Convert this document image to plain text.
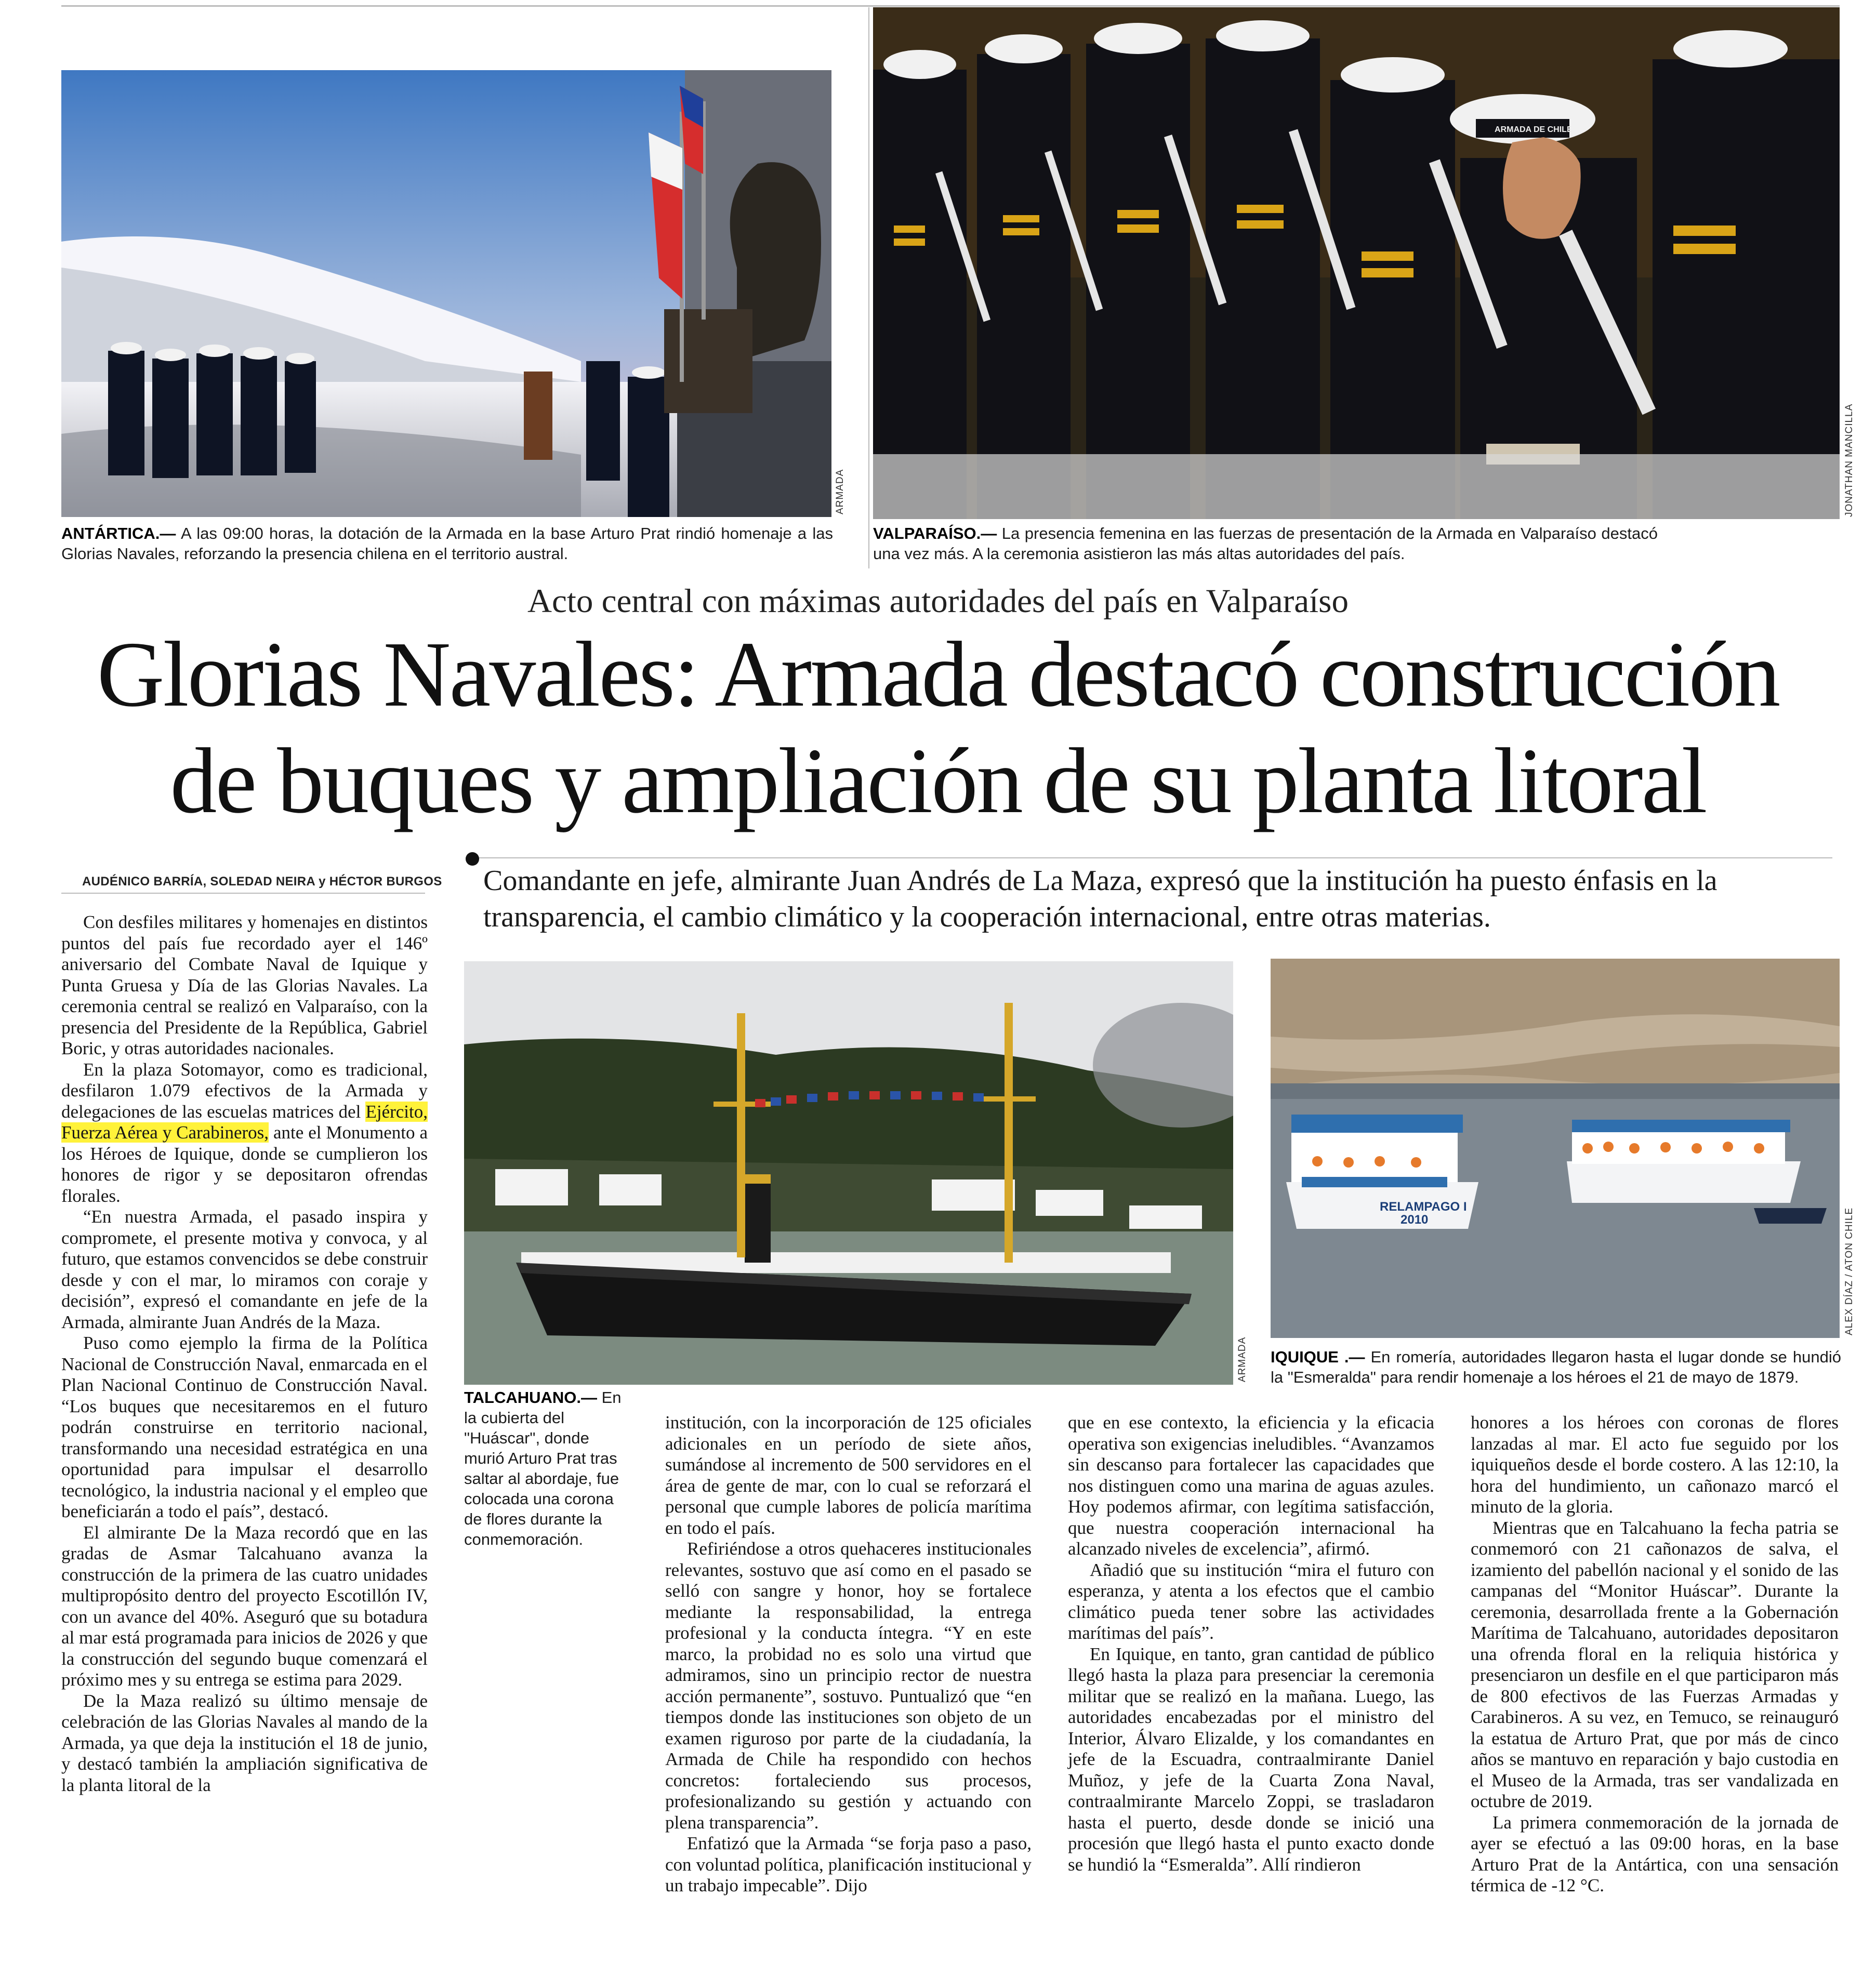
ARMADA

ANTÁRTICA.— A las 09:00 horas, la dotación de la Armada en la base Arturo Prat rindió homenaje a las Glorias Navales, reforzando la presencia chilena en el territorio austral.

ARMADA DE CHILE
JONATHAN MANCILLA

VALPARAÍSO.— La presencia femenina en las fuerzas de presentación de la Armada en Valparaíso destacó una vez más. A la ceremonia asistieron las más altas autoridades del país.

Acto central con máximas autoridades del país en Valparaíso

Glorias Navales: Armada destacó construcción
de buques y ampliación de su planta litoral
AUDÉNICO BARRÍA, SOLEDAD NEIRA y HÉCTOR BURGOS Comandante en jefe, almirante Juan Andrés de La Maza, expresó que la institución ha puesto énfasis en la transparencia, el cambio climático y la cooperación internacional, entre otras materias.

Con desfiles militares y homenajes en distintos puntos del país fue recordado ayer el 146º aniversario del Combate Naval de Iquique y Punta Gruesa y Día de las Glorias Navales. La ceremonia central se realizó en Valparaíso, con la presencia del Presidente de la República, Gabriel Boric, y otras autoridades nacionales.

En la plaza Sotomayor, como es tradicional, desfilaron 1.079 efectivos de la Armada y delegaciones de las escuelas matrices del Ejército, Fuerza Aérea y Carabineros, ante el Monumento a los Héroes de Iquique, donde se cumplieron los honores de rigor y se depositaron ofrendas florales.

“En nuestra Armada, el pasado inspira y compromete, el presente motiva y convoca, y al futuro, que estamos convencidos se debe construir desde y con el mar, lo miramos con coraje y decisión”, expresó el comandante en jefe de la Armada, almirante Juan Andrés de la Maza.

Puso como ejemplo la firma de la Política Nacional de Construcción Naval, enmarcada en el Plan Nacional Continuo de Construcción Naval. “Los buques que necesitaremos en el futuro podrán construirse en territorio nacional, transformando una necesidad estratégica en una oportunidad para impulsar el desarrollo tecnológico, la industria nacional y el empleo que beneficiarán a todo el país”, destacó.

El almirante De la Maza recordó que en las gradas de Asmar Talcahuano avanza la construcción de la primera de las cuatro unidades multipropósito dentro del proyecto Escotillón IV, con un avance del 40%. Aseguró que su botadura al mar está programada para inicios de 2026 y que la construcción del segundo buque comenzará el próximo mes y su entrega se estima para 2029.

De la Maza realizó su último mensaje de celebración de las Glorias Navales al mando de la Armada, ya que deja la institución el 18 de junio, y destacó también la ampliación significativa de la planta litoral de la

ARMADA

TALCAHUANO.— En la cubierta del "Huáscar", donde murió Arturo Prat tras saltar al abordaje, fue colocada una corona de flores durante la conmemoración.

RELAMPAGO I
2010	ALEX DÍAZ / ATON CHILE

IQUIQUE .— En romería, autoridades llegaron hasta el lugar donde se hundió la "Esmeralda" para rendir homenaje a los héroes el 21 de mayo de 1879.

institución, con la incorporación de 125 oficiales adicionales en un período de siete años, sumándose al incremento de 500 servidores en el área de gente de mar, con lo cual se reforzará el personal que cumple labores de policía marítima en todo el país.

Refiriéndose a otros quehaceres institucionales relevantes, sostuvo que así como en el pasado se selló con sangre y honor, hoy se fortalece mediante la responsabilidad, la entrega profesional y la conducta íntegra. “Y en este marco, la probidad no es solo una virtud que admiramos, sino un principio rector de nuestra acción permanente”, sostuvo. Puntualizó que “en tiempos donde las instituciones son objeto de un examen riguroso por parte de la ciudadanía, la Armada de Chile ha respondido con hechos concretos: fortaleciendo sus procesos, profesionalizando su gestión y actuando con plena transparencia”.

Enfatizó que la Armada “se forja paso a paso, con voluntad política, planificación institucional y un trabajo impecable”. Dijo

que en ese contexto, la eficiencia y la eficacia operativa son exigencias ineludibles. “Avanzamos sin descanso para fortalecer las capacidades que nos distinguen como una marina de aguas azules. Hoy podemos afirmar, con legítima satisfacción, que nuestra cooperación internacional ha alcanzado niveles de excelencia”, afirmó.

Añadió que su institución “mira el futuro con esperanza, y atenta a los efectos que el cambio climático pueda tener sobre las actividades marítimas del país”.

En Iquique, en tanto, gran cantidad de público llegó hasta la plaza para presenciar la ceremonia militar que se realizó en la mañana. Luego, las autoridades encabezadas por el ministro del Interior, Álvaro Elizalde, y los comandantes en jefe de la Escuadra, contraalmirante Daniel Muñoz, y jefe de la Cuarta Zona Naval, contraalmirante Marcelo Zoppi, se trasladaron hasta el puerto, desde donde se inició una procesión que llegó hasta el punto exacto donde se hundió la “Esmeralda”. Allí rindieron

honores a los héroes con coronas de flores lanzadas al mar. El acto fue seguido por los iquiqueños desde el borde costero. A las 12:10, la hora del hundimiento, un cañonazo marcó el minuto de la gloria.

Mientras que en Talcahuano la fecha patria se conmemoró con 21 cañonazos de salva, el izamiento del pabellón nacional y el sonido de las campanas del “Monitor Huáscar”. Durante la ceremonia, desarrollada frente a la Gobernación Marítima de Talcahuano, autoridades depositaron una ofrenda floral en la reliquia histórica y presenciaron un desfile en el que participaron más de 800 efectivos de las Fuerzas Armadas y Carabineros. A su vez, en Temuco, se reinauguró la estatua de Arturo Prat, que por más de cinco años se mantuvo en reparación y bajo custodia en el Museo de la Armada, tras ser vandalizada en octubre de 2019.

La primera conmemoración de la jornada de ayer se efectuó a las 09:00 horas, en la base Arturo Prat de la Antártica, con una sensación térmica de -12 °C.
